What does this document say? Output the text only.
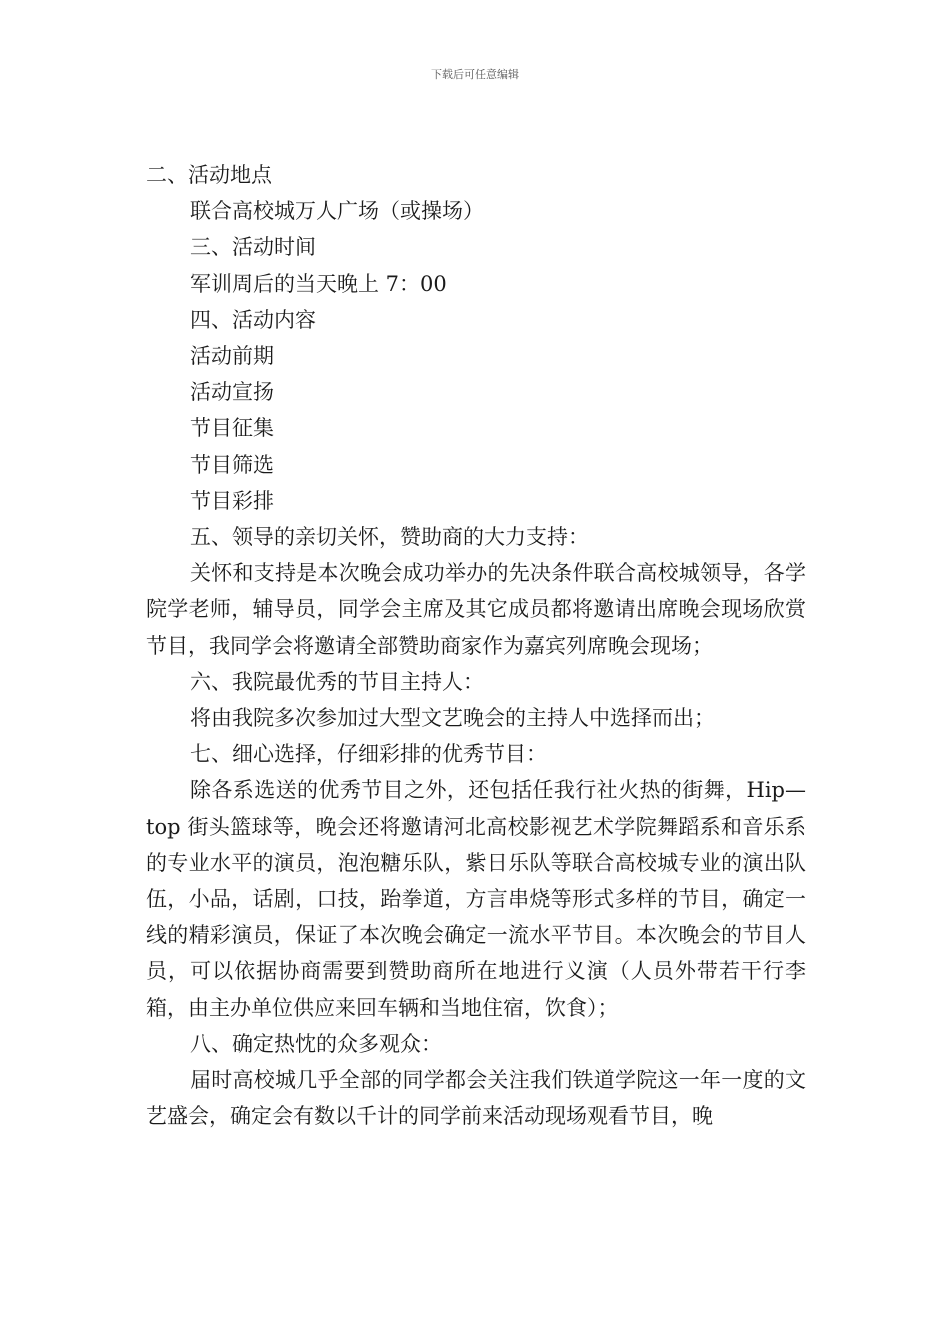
下载后可任意编辑
二、活动地点
联合高校城万人广场（或操场）
三、活动时间
军训周后的当天晚上 7：00
四、活动内容
活动前期
活动宣扬
节目征集
节目筛选
节目彩排
五、领导的亲切关怀，赞助商的大力支持：
关怀和支持是本次晚会成功举办的先决条件联合高校城领导，各学院学老师，辅导员，同学会主席及其它成员都将邀请出席晚会现场欣赏节目，我同学会将邀请全部赞助商家作为嘉宾列席晚会现场；
六、我院最优秀的节目主持人：
将由我院多次参加过大型文艺晚会的主持人中选择而出；
七、细心选择，仔细彩排的优秀节目：
除各系选送的优秀节目之外，还包括任我行社火热的街舞，Hip—top 街头篮球等，晚会还将邀请河北高校影视艺术学院舞蹈系和音乐系的专业水平的演员，泡泡糖乐队，紫日乐队等联合高校城专业的演出队伍，小品，话剧，口技，跆拳道，方言串烧等形式多样的节目，确定一线的精彩演员，保证了本次晚会确定一流水平节目。本次晚会的节目人员，可以依据协商需要到赞助商所在地进行义演（人员外带若干行李箱，由主办单位供应来回车辆和当地住宿，饮食）；
八、确定热忱的众多观众：
届时高校城几乎全部的同学都会关注我们铁道学院这一年一度的文艺盛会，确定会有数以千计的同学前来活动现场观看节目，晚
